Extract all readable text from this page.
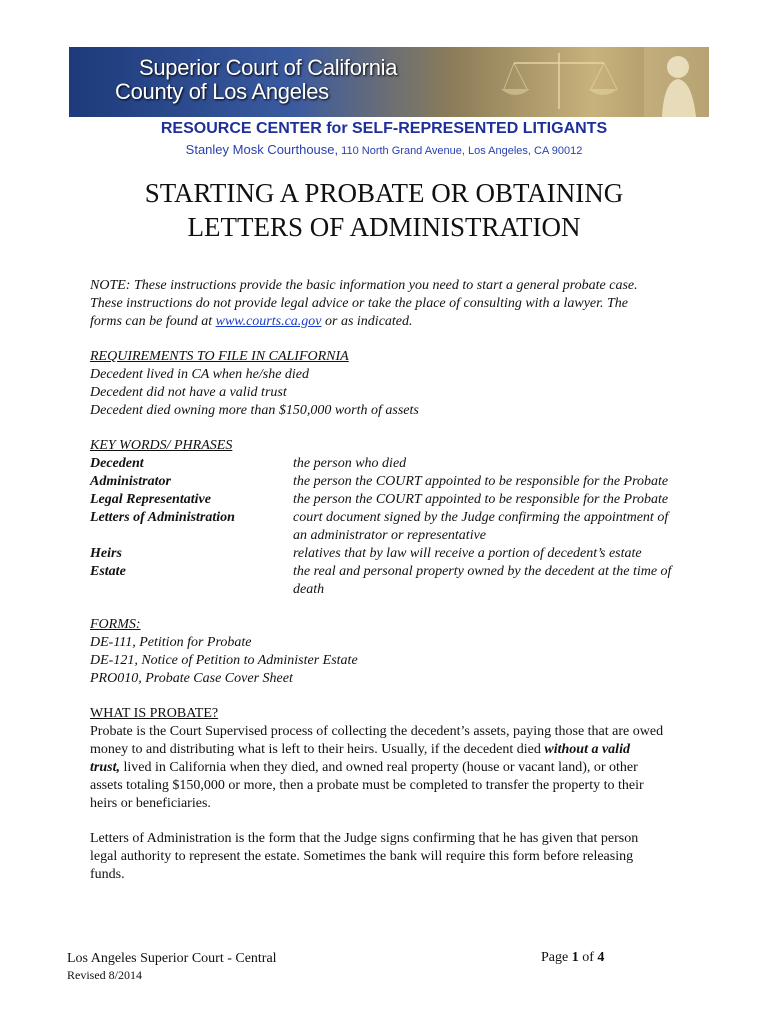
Superior Court of California
County of Los Angeles
RESOURCE CENTER for SELF-REPRESENTED LITIGANTS
Stanley Mosk Courthouse, 110 North Grand Avenue, Los Angeles, CA 90012
STARTING A PROBATE OR OBTAINING
LETTERS OF ADMINISTRATION
NOTE: These instructions provide the basic information you need to start a general probate case.
These instructions do not provide legal advice or take the place of consulting with a lawyer. The
forms can be found at www.courts.ca.gov or as indicated.
REQUIREMENTS TO FILE IN CALIFORNIA
Decedent lived in CA when he/she died
Decedent did not have a valid trust
Decedent died owning more than $150,000 worth of assets
KEY WORDS/ PHRASES
Decedent	the person who died
Administrator	the person the COURT appointed to be responsible for the Probate
Legal Representative	the person the COURT appointed to be responsible for the Probate
Letters of Administration	court document signed by the Judge confirming the appointment of
an administrator or representative
Heirs	relatives that by law will receive a portion of decedent’s estate
Estate	the real and personal property owned by the decedent at the time of
death
FORMS:
DE-111, Petition for Probate
DE-121, Notice of Petition to Administer Estate
PRO010, Probate Case Cover Sheet
WHAT IS PROBATE?
Probate is the Court Supervised process of collecting the decedent’s assets, paying those that are owed
money to and distributing what is left to their heirs. Usually, if the decedent died without a valid
trust, lived in California when they died, and owned real property (house or vacant land), or other
assets totaling $150,000 or more, then a probate must be completed to transfer the property to their
heirs or beneficiaries.
Letters of Administration is the form that the Judge signs confirming that he has given that person
legal authority to represent the estate. Sometimes the bank will require this form before releasing
funds.
Los Angeles Superior Court - Central
Revised 8/2014
Page 1 of 4
